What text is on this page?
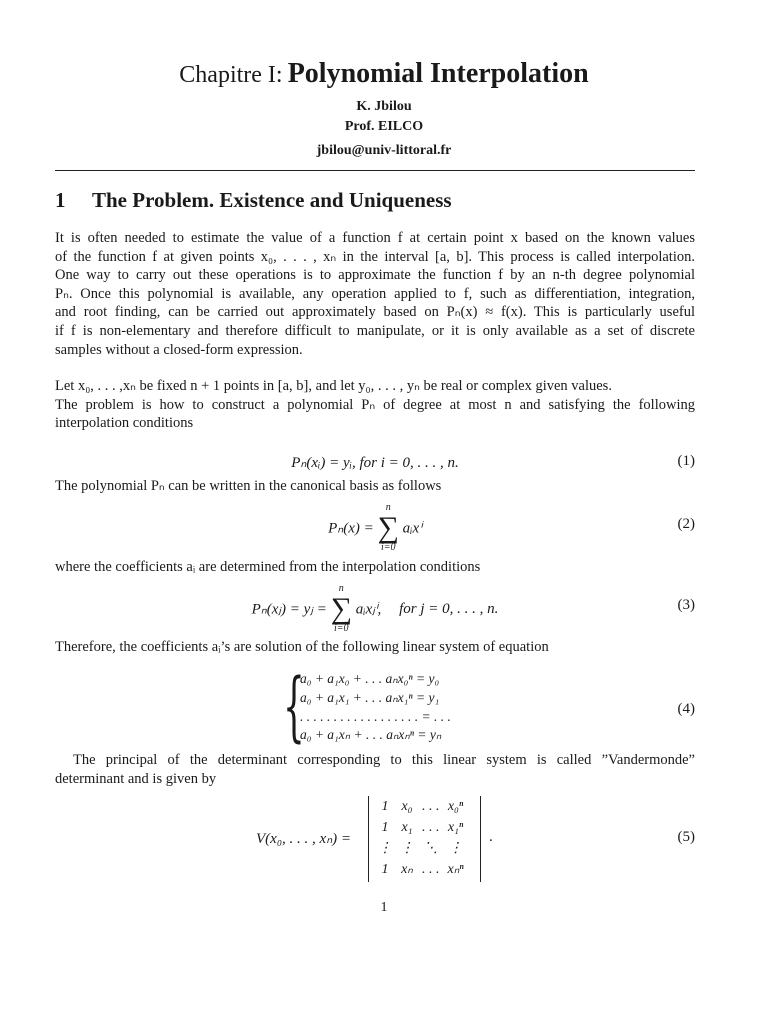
Chapitre I: Polynomial Interpolation
K. Jbilou
Prof. EILCO
jbilou@univ-littoral.fr
1 The Problem. Existence and Uniqueness
It is often needed to estimate the value of a function f at certain point x based on the known values
of the function f at given points x₀, . . . , xₙ in the interval [a, b]. This process is called interpolation.
One way to carry out these operations is to approximate the function f by an n-th degree polynomial
Pₙ. Once this polynomial is available, any operation applied to f, such as differentiation, integration,
and root finding, can be carried out approximately based on Pₙ(x) ≈ f(x). This is particularly useful
if f is non-elementary and therefore difficult to manipulate, or it is only available as a set of discrete
samples without a closed-form expression.
Let x₀, . . . ,xₙ be fixed n + 1 points in [a, b], and let y₀, . . . , yₙ be real or complex given values.
The problem is how to construct a polynomial Pₙ of degree at most n and satisfying the following
interpolation conditions
Pₙ(xᵢ) = yᵢ, for i = 0, . . . , n.	(1)
The polynomial Pₙ can be written in the canonical basis as follows
Pₙ(x) =
n
∑
i=0
aᵢxⁱ	(2)
where the coefficients aᵢ are determined from the interpolation conditions
Pₙ(xⱼ) = yⱼ =
n
∑
i=0
aᵢxⱼⁱ, for j = 0, . . . , n.	(3)
Therefore, the coefficients aᵢ’s are solution of the following linear system of equation
{
a₀ + a₁x₀ + . . . aₙx₀ⁿ = y₀
a₀ + a₁x₁ + . . . aₙx₁ⁿ = y₁
. . . . . . . . . . . . . . . . . . = . . .
a₀ + a₁xₙ + . . . aₙxₙⁿ = yₙ
(4)
The principal of the determinant corresponding to this linear system is called ”Vandermonde”
determinant and is given by
V(x₀, . . . , xₙ) =	.	(5)
1	x₀	. . .	x₀ⁿ
1	x₁	. . .	x₁ⁿ
⋮	⋮	⋱	⋮
1	xₙ	. . .	xₙⁿ
1
